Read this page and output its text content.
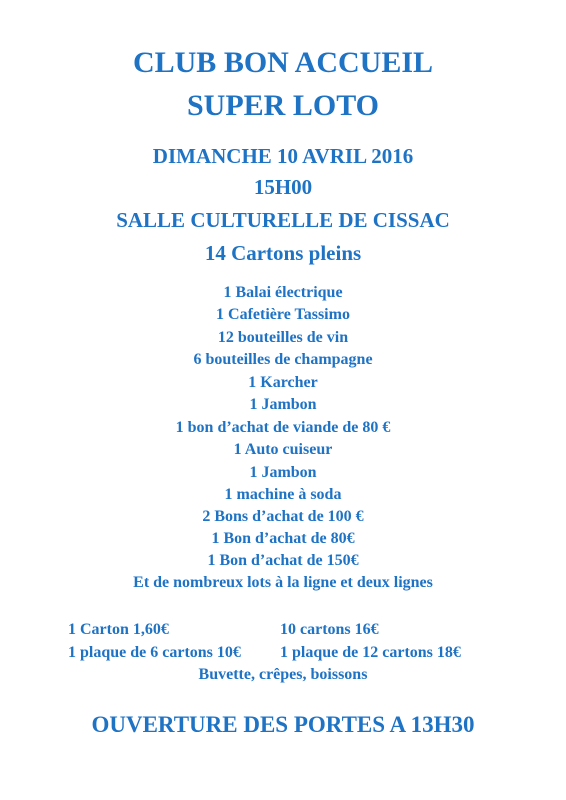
CLUB BON ACCUEIL
SUPER LOTO
DIMANCHE 10 AVRIL 2016
15H00
SALLE CULTURELLE DE CISSAC
14 Cartons pleins
1 Balai électrique
1 Cafetière Tassimo
12 bouteilles de vin
6 bouteilles de champagne
1 Karcher
1 Jambon
1 bon d’achat de viande de 80 €
1 Auto cuiseur
1 Jambon
1 machine à soda
2 Bons d’achat de 100 €
1 Bon d’achat de 80€
1 Bon d’achat de 150€
Et de nombreux lots à la ligne et deux lignes
1 Carton 1,60€	10 cartons 16€
1 plaque de 6 cartons 10€ 1 plaque de 12 cartons 18€
Buvette, crêpes, boissons
OUVERTURE DES PORTES A 13H30
